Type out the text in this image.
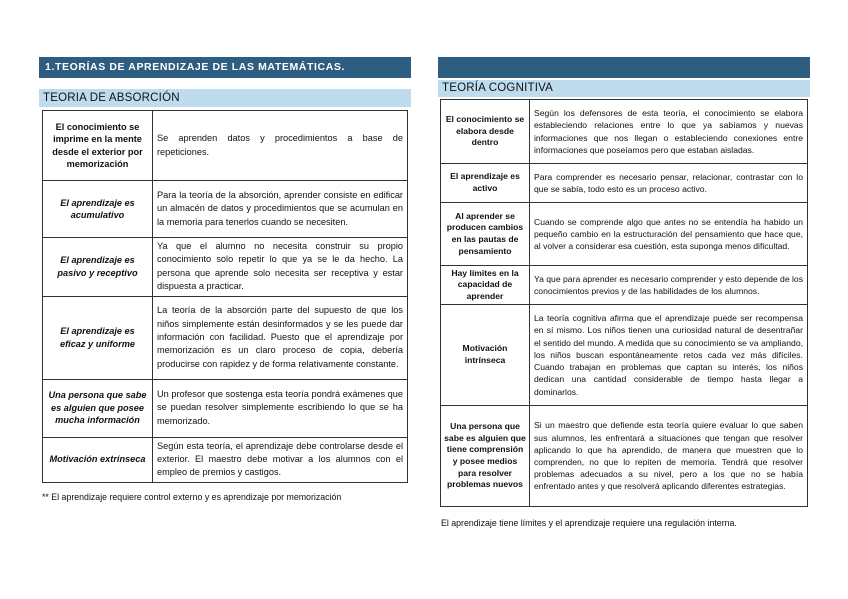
1.TEORÍAS DE APRENDIZAJE DE LAS MATEMÁTICAS.
TEORIA DE ABSORCIÓN
El conocimiento se imprime en la mente desde el exterior por memorización	Se aprenden datos y procedimientos a base de repeticiones.
El aprendizaje es acumulativo	Para la teoría de la absorción, aprender consiste en edificar un almacén de datos y procedimientos que se acumulan en la memoria para tenerlos cuando se necesiten.
El aprendizaje es pasivo y receptivo	Ya que el alumno no necesita construir su propio conocimiento solo repetir lo que ya se le da hecho. La persona que aprende solo necesita ser receptiva y estar dispuesta a practicar.
El aprendizaje es eficaz y uniforme	La teoría de la absorción parte del supuesto de que los niños simplemente están desinformados y se les puede dar información con facilidad. Puesto que el aprendizaje por memorización es un claro proceso de copia, debería producirse con rapidez y de forma relativamente constante.
Una persona que sabe es alguien que posee mucha información	Un profesor que sostenga esta teoría pondrá exámenes que se puedan resolver simplemente escribiendo lo que se ha memorizado.
Motivación extrínseca	Según esta teoría, el aprendizaje debe controlarse desde el exterior. El maestro debe motivar a los alumnos con el empleo de premios y castigos.
** El aprendizaje requiere control externo y es aprendizaje por memorización
TEORÍA COGNITIVA
El conocimiento se elabora desde dentro	Según los defensores de esta teoría, el conocimiento se elabora estableciendo relaciones entre lo que ya sabíamos y nuevas informaciones que nos llegan o estableciendo conexiones entre informaciones que poseíamos pero que estaban aisladas.
El aprendizaje es activo	Para comprender es necesario pensar, relacionar, contrastar con lo que se sabía, todo esto es un proceso activo.
Al aprender se producen cambios en las pautas de pensamiento	Cuando se comprende algo que antes no se entendía ha habido un pequeño cambio en la estructuración del pensamiento que hace que, al volver a considerar esa cuestión, esta suponga menos dificultad.
Hay límites en la capacidad de aprender	Ya que para aprender es necesario comprender y esto depende de los conocimientos previos y de las habilidades de los alumnos.
Motivación intrínseca	La teoría cognitiva afirma que el aprendizaje puede ser recompensa en sí mismo. Los niños tienen una curiosidad natural de desentrañar el sentido del mundo. A medida que su conocimiento se va ampliando, los niños buscan espontáneamente retos cada vez más difíciles. Cuando trabajan en problemas que captan su interés, los niños dedican una cantidad considerable de tiempo hasta llegar a dominarlos.
Una persona que sabe es alguien que tiene comprensión y posee medios para resolver problemas nuevos	Si un maestro que defiende esta teoría quiere evaluar lo que saben sus alumnos, les enfrentará a situaciones que tengan que resolver aplicando lo que ha aprendido, de manera que muestren que lo comprenden, no que lo repiten de memoria. Tendrá que resolver problemas adecuados a su nivel, pero a los que no se había enfrentado antes y que resolverá aplicando diferentes estrategias.
El aprendizaje tiene límites y el aprendizaje requiere una regulación interna.
